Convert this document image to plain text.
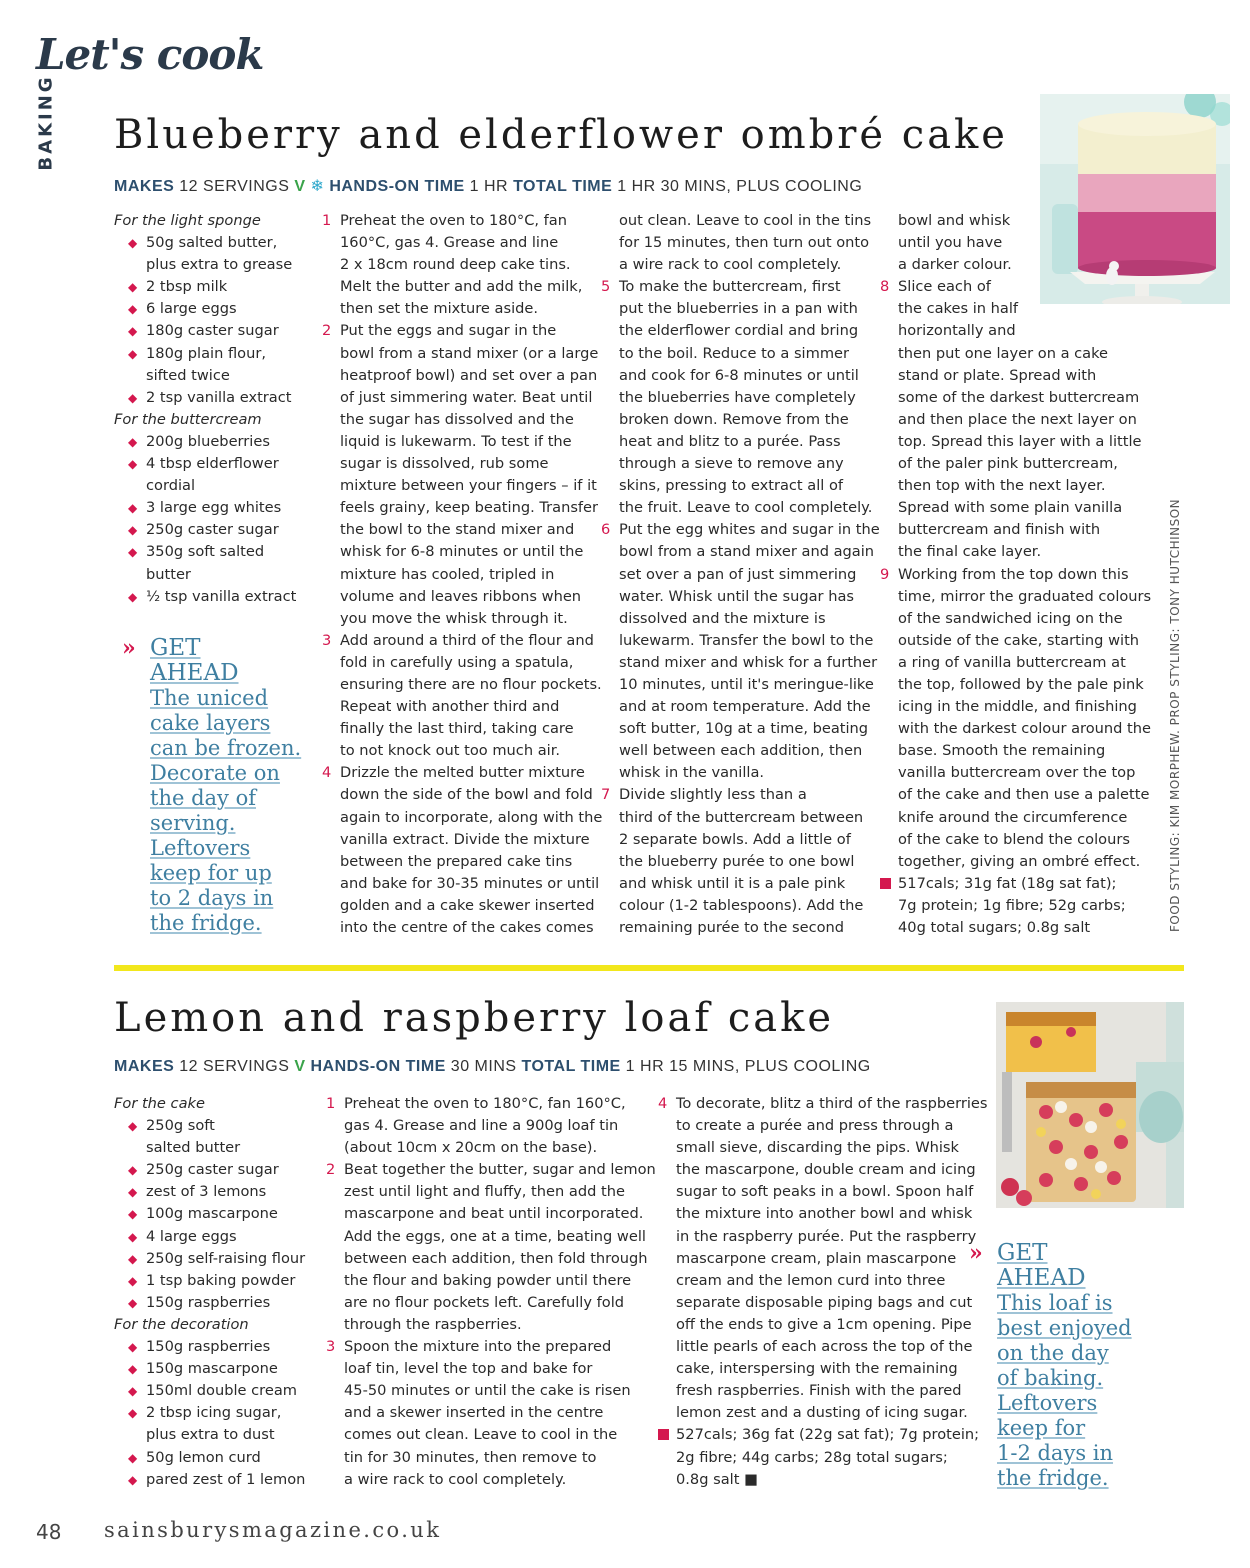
Let's cook
BAKING Blueberry and elderflower ombré cake
MAKES 12 SERVINGS V ❄ HANDS-ON TIME 1 HR TOTAL TIME 1 HR 30 MINS, PLUS COOLING
For the light sponge
◆ 50g salted butter,
plus extra to grease
◆ 2 tbsp milk
◆ 6 large eggs
◆ 180g caster sugar
◆ 180g plain flour,
sifted twice
◆ 2 tsp vanilla extract
For the buttercream
◆ 200g blueberries
◆ 4 tbsp elderflower
cordial
◆ 3 large egg whites
◆ 250g caster sugar
◆ 350g soft salted
butter
◆ ½ tsp vanilla extract
» GET
AHEAD
The uniced
cake layers
can be frozen.
Decorate on
the day of
serving.
Leftovers
keep for up
to 2 days in
the fridge.
1 Preheat the oven to 180°C, fan
160°C, gas 4. Grease and line
2 x 18cm round deep cake tins.
Melt the butter and add the milk,
then set the mixture aside.
2 Put the eggs and sugar in the
bowl from a stand mixer (or a large
heatproof bowl) and set over a pan
of just simmering water. Beat until
the sugar has dissolved and the
liquid is lukewarm. To test if the
sugar is dissolved, rub some
mixture between your fingers – if it
feels grainy, keep beating. Transfer
the bowl to the stand mixer and
whisk for 6-8 minutes or until the
mixture has cooled, tripled in
volume and leaves ribbons when
you move the whisk through it.
3 Add around a third of the flour and
fold in carefully using a spatula,
ensuring there are no flour pockets.
Repeat with another third and
finally the last third, taking care
to not knock out too much air.
4 Drizzle the melted butter mixture
down the side of the bowl and fold
again to incorporate, along with the
vanilla extract. Divide the mixture
between the prepared cake tins
and bake for 30-35 minutes or until
golden and a cake skewer inserted
into the centre of the cakes comes
out clean. Leave to cool in the tins
for 15 minutes, then turn out onto
a wire rack to cool completely.
5 To make the buttercream, first
put the blueberries in a pan with
the elderflower cordial and bring
to the boil. Reduce to a simmer
and cook for 6-8 minutes or until
the blueberries have completely
broken down. Remove from the
heat and blitz to a purée. Pass
through a sieve to remove any
skins, pressing to extract all of
the fruit. Leave to cool completely.
6 Put the egg whites and sugar in the
bowl from a stand mixer and again
set over a pan of just simmering
water. Whisk until the sugar has
dissolved and the mixture is
lukewarm. Transfer the bowl to the
stand mixer and whisk for a further
10 minutes, until it's meringue-like
and at room temperature. Add the
soft butter, 10g at a time, beating
well between each addition, then
whisk in the vanilla.
7 Divide slightly less than a
third of the buttercream between
2 separate bowls. Add a little of
the blueberry purée to one bowl
and whisk until it is a pale pink
colour (1-2 tablespoons). Add the
remaining purée to the second
bowl and whisk
until you have
a darker colour.
8 Slice each of
the cakes in half
horizontally and
then put one layer on a cake
stand or plate. Spread with
some of the darkest buttercream
and then place the next layer on
top. Spread this layer with a little
of the paler pink buttercream,
then top with the next layer.
Spread with some plain vanilla
buttercream and finish with
the final cake layer.
9 Working from the top down this
time, mirror the graduated colours
of the sandwiched icing on the
outside of the cake, starting with
a ring of vanilla buttercream at
the top, followed by the pale pink
icing in the middle, and finishing
with the darkest colour around the
base. Smooth the remaining
vanilla buttercream over the top
of the cake and then use a palette
knife around the circumference
of the cake to blend the colours
together, giving an ombré effect.
517cals; 31g fat (18g sat fat);
7g protein; 1g fibre; 52g carbs;
40g total sugars; 0.8g salt	FOOD STYLING: KIM MORPHEW. PROP STYLING: TONY HUTCHINSON
Lemon and raspberry loaf cake
MAKES 12 SERVINGS V HANDS-ON TIME 30 MINS TOTAL TIME 1 HR 15 MINS, PLUS COOLING
For the cake
◆ 250g soft
salted butter
◆ 250g caster sugar
◆ zest of 3 lemons
◆ 100g mascarpone
◆ 4 large eggs
◆ 250g self-raising flour
◆ 1 tsp baking powder
◆ 150g raspberries
For the decoration
◆ 150g raspberries
◆ 150g mascarpone
◆ 150ml double cream
◆ 2 tbsp icing sugar,
plus extra to dust
◆ 50g lemon curd
◆ pared zest of 1 lemon
1 Preheat the oven to 180°C, fan 160°C,
gas 4. Grease and line a 900g loaf tin
(about 10cm x 20cm on the base).
2 Beat together the butter, sugar and lemon
zest until light and fluffy, then add the
mascarpone and beat until incorporated.
Add the eggs, one at a time, beating well
between each addition, then fold through
the flour and baking powder until there
are no flour pockets left. Carefully fold
through the raspberries.
3 Spoon the mixture into the prepared
loaf tin, level the top and bake for
45-50 minutes or until the cake is risen
and a skewer inserted in the centre
comes out clean. Leave to cool in the
tin for 30 minutes, then remove to
a wire rack to cool completely.
4 To decorate, blitz a third of the raspberries
to create a purée and press through a
small sieve, discarding the pips. Whisk
the mascarpone, double cream and icing
sugar to soft peaks in a bowl. Spoon half
the mixture into another bowl and whisk
in the raspberry purée. Put the raspberry
mascarpone cream, plain mascarpone
cream and the lemon curd into three
separate disposable piping bags and cut
off the ends to give a 1cm opening. Pipe
little pearls of each across the top of the
cake, interspersing with the remaining
fresh raspberries. Finish with the pared
lemon zest and a dusting of icing sugar.
527cals; 36g fat (22g sat fat); 7g protein;
2g fibre; 44g carbs; 28g total sugars;
0.8g salt ■
» GET
AHEAD
This loaf is
best enjoyed
on the day
of baking.
Leftovers
keep for
1-2 days in
the fridge.
48 sainsburysmagazine.co.uk
